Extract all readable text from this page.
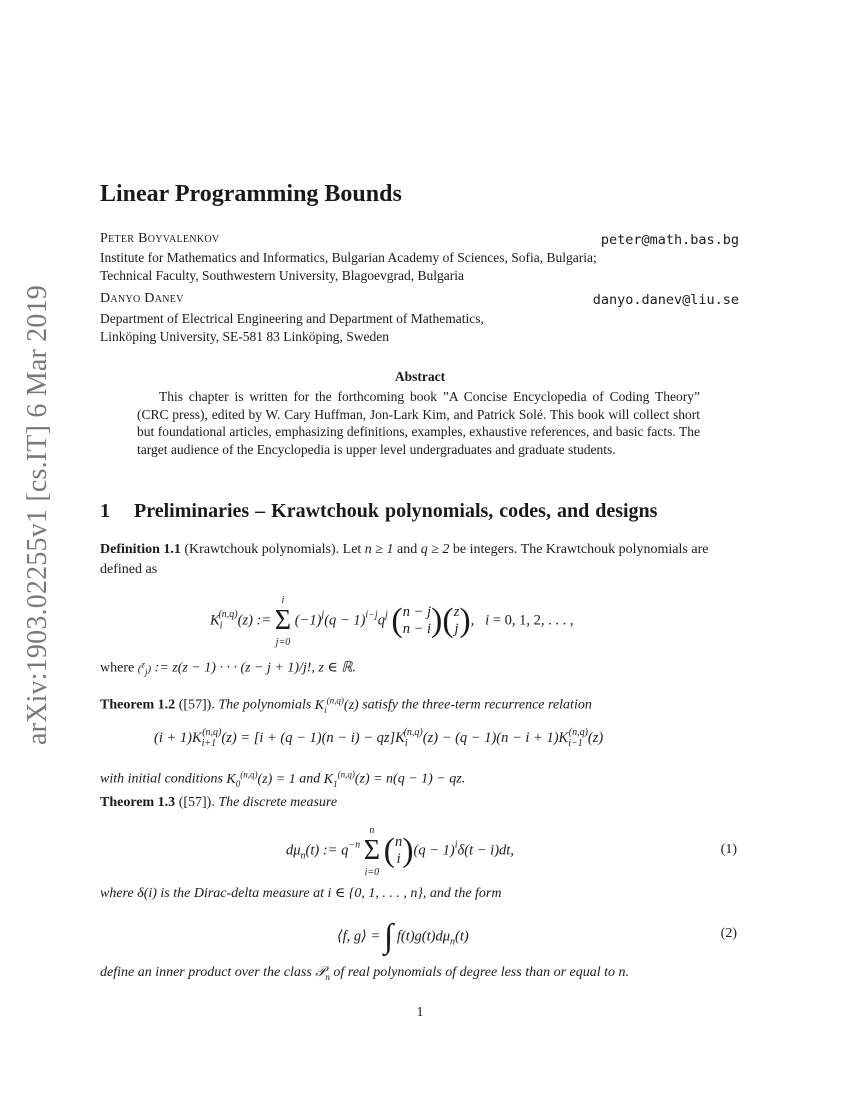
arXiv:1903.02255v1 [cs.IT] 6 Mar 2019
Linear Programming Bounds
Peter Boyvalenkov	peter@math.bas.bg
Institute for Mathematics and Informatics, Bulgarian Academy of Sciences, Sofia, Bulgaria;
Technical Faculty, Southwestern University, Blagoevgrad, Bulgaria
Danyo Danev	danyo.danev@liu.se
Department of Electrical Engineering and Department of Mathematics,
Linköping University, SE-581 83 Linköping, Sweden
Abstract
This chapter is written for the forthcoming book ”A Concise Encyclopedia of Coding Theory” (CRC press), edited by W. Cary Huffman, Jon-Lark Kim, and Patrick Solé. This book will collect short but foundational articles, emphasizing definitions, examples, exhaustive references, and basic facts. The target audience of the Encyclopedia is upper level undergraduates and graduate students.
1 Preliminaries – Krawtchouk polynomials, codes, and designs
Definition 1.1 (Krawtchouk polynomials). Let n ≥ 1 and q ≥ 2 be integers. The Krawtchouk polynomials are defined as
$K_i^{(n,q)}(z)$ := i
Σ
j=0 $(-1)^j(q - 1)^{i-j}q^j$ (n − j
n − i)(z
j),   i = 0, 1, 2, . . . ,
where ($^z_j$) := z(z − 1) · · · (z − j + 1)/j!, z ∈ ℝ.
Theorem 1.2 ([57]). The polynomials $K_i^{(n,q)}(z)$ satisfy the three-term recurrence relation
$(i + 1)K_{i+1}^{(n,q)}(z) = [i + (q - 1)(n - i) - qz]K_i^{(n,q)}(z) - (q - 1)(n - i + 1)K_{i-1}^{(n,q)}(z)$
with initial conditions $K_0^{(n,q)}(z) = 1$ and $K_1^{(n,q)}(z) = n(q - 1)$ − qz.
Theorem 1.3 ([57]). The discrete measure
$d\mu_n(t)$ := $q^{-n}$ n
Σ
i=0 (n
$i)(q - 1)^i\delta(t - i)dt$,	(1)
where δ(i) is the Dirac-delta measure at i ∈ {0, 1, . . . , n}, and the form
⟨f, g⟩ = ∫ $f(t)g(t)d\mu_n(t)$	(2)
define an inner product over the class 𝒫$_n$ of real polynomials of degree less than or equal to n.
1
